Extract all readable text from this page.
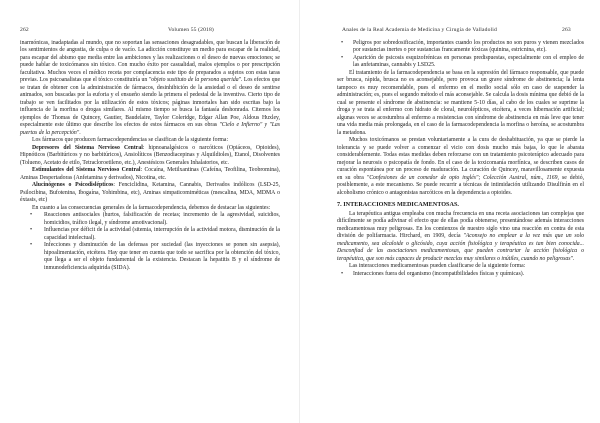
262	Volumen 55 (2018)

inarmónicas, inadaptadas al mundo, que no soportan las sensaciones desagradables, que buscan la liberación de los sentimientos de angustia, de culpa o de vacío. La adicción constituye un medio para escapar de la realidad, para escapar del abismo que media entre las ambiciones y las realizaciones o el deseo de nuevas emociones; se puede hablar de toxicómanos sin tóxico. Con mucho éxito por casualidad, malos ejemplos o por prescripción facultativa. Muchos veces el médico receta por complacencia este tipo de preparados a sujetos con estas taras previas. Los psicoanalistas que el tóxico constituiría un "objeto sustituto de la persona querida". Los efectos que se tratan de obtener con la administración de fármacos, desinhibición de la ansiedad o el deseo de sentirse animados, son buscadas por la euforia y el ensueño siendo la primera el pedestal de la inventiva. Cierto tipo de trabajo se ven facilitados por la utilización de estos tóxicos; páginas inmortales han sido escritas bajo la influencia de la morfina o drogas similares. Al mismo tiempo se busca la fantasía deshonrada. Citemos los ejemplos de Thomas de Quincey, Gautier, Baudelaire, Taylor Coleridge, Edgar Allan Poe, Aldous Huxley, especialmente este último que describe los efectos de estos fármacos en sus obras "Cielo e Infierno" y "Las puertas de la percepción".

Los fármacos que producen farmacodependencias se clasifican de la siguiente forma:

Depresores del Sistema Nervioso Central: hipnoanalgésicos o narcóticos (Opiáceos, Opioides), Hipnóticos (Barbitúricos y no barbitúricos), Ansiolíticos (Benzodiacepinas y Alquildioles), Etanol, Disolventes (Tolueno, Acetato de etilo, Tetracloroetileno, etc.), Anestésicos Generales Inhalatorios, etc.

Estimulantes del Sistema Nervioso Central: Cocaína, Metilxantinas (Cafeína, Teofilina, Teobromina), Aminas Despertadoras (Anfetamina y derivados), Nicotina, etc.

Alucinógenos o Psicodislépticos: Fenciclidina, Ketamina, Cannabis, Derivados indólicos (LSD-25, Psilocibina, Bufotenina, Ibogaína, Yohimbina, etc), Aminas simpaticomiméticas (mescalina, MDA, MDMA o éxtasis, etc)

En cuanto a las consecuencias generales de la farmacodependencia, debemos de destacar las siguientes:

• Reacciones antisociales (hurtos, falsificación de recetas; incremento de la agresividad, suicidios, homicidios, tráfico ilegal, y síndrome amotivacional).
• Influencias por déficit de la actividad (sitemia, interrupción de la actividad motora, disminución de la capacidad intelectual).
• Infecciones y disminución de las defensas por suciedad (las inyecciones se ponen sin asepsia), hipoalimentación, etcétera. Hay que tener en cuenta que todo se sacrifica por la obtención del tóxico, que llega a ser el objeto fundamental de la existencia. Destacan la hepatitis B y el síndrome de inmunodeficiencia adquirida (SIDA).
Anales de la Real Academia de Medicina y Cirugía de Valladolid	263
• Peligros por sobredosificación, importantes cuando los productos no son puros y vienen mezclados por sustancias inertes o por sustancias francamente tóxicas (quinina, estricnina, etc).
• Aparición de psicosis esquizofrénicas en personas predispuestas, especialmente con el empleo de las anfetaminas, cannabis y LSD25.

El tratamiento de la farmacodependencia se basa en la supresión del fármaco responsable, que puede ser brusca, rápida, brusca no es aconsejable, pero provoca un grave síndrome de abstinencia; la lenta tampoco es muy recomendable, pues el enfermo en el medio social sólo en caso de suspender la administración; es, pues el segundo método el más aconsejable. Se calcula la dosis mínima que debió de la cual se presente el síndrome de abstinencia: se mantiene 5-10 días, al cabo de los cuales se suprime la droga y se trata al enfermo con hidrato de cloral, neurolépticos, etcétera, a veces hibernación artificial; algunas veces se acostumbra al enfermo a resistencias con síndrome de abstinencia en más leve que tener una vida media más prolongada, en el caso de la farmacodependencia la morfina o heroína, se acostumbra la metadona.

Muchos toxicómanos se prestan voluntariamente a la cura de deshabituación, ya que se pierde la tolerancia y se puede volver a comenzar el vicio con dosis mucho más bajas, lo que le abarata considerablemente. Todas estas medidas deben reforzarse con un tratamiento psicoterápico adecuado para mejorar la neurosis o psicopatía de fondo. En el caso de la toxicomanía morfínica, se describen casos de curación espontánea por un proceso de maduración. La curación de Quincey, maravillosamente expuesta en su obra "Confesiones de un comedor de opio inglés"; Colección Austral, núm., 1169, se debió, posiblemente, a este mecanismo. Se puede recurrir a técnicas de intimidación utilizando Disulfirán en el alcoholismo crónico o antagonistas narcóticos en la dependencia a opioides.

7. INTERACCIONES MEDICAMENTOSAS.

La terapéutica antigua empleaba con mucha frecuencia en una receta asociaciones tan complejas que difícilmente se podía adivinar el efecto que de ellas podía obtenerse, presentándose además interacciones medicamentosas muy peligrosas. En los comienzos de nuestro siglo vino una reacción en contra de esta división de polifarmacia. Hirchard, en 1909, decía "Aconsejo no emplear a la vez más que un solo medicamento, sea alcaloide o glicósido, cuya acción fisiológica y terapéutica es tan bien conocida... Desconfiad de las asociaciones medicamentosas, que pueden contrariar la acción fisiológica o terapéutica, que son más capaces de producir mezclas muy similares o inútiles, cuando no peligrosas".

Las interacciones medicamentosas pueden clasificarse de la siguiente forma:

• Interacciones fuera del organismo (incompatibilidades físicas y químicas).
